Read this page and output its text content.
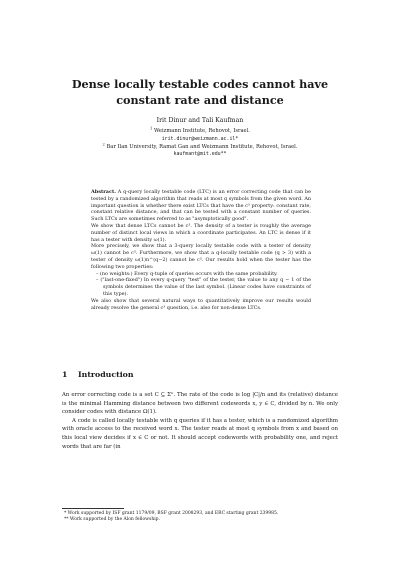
Dense locally testable codes cannot have constant rate and distance
Irit Dinur and Tali Kaufman
$^1$ Weizmann Institute, Rehovot, Israel.
irit.dinur@weizmann.ac.il*
$^2$ Bar Ilan University, Ramat Gan and Weizmann Institute, Rehovot, Israel.
kaufmant@mit.edu**

Abstract. A q-query locally testable code (LTC) is an error correcting code that can be tested by a randomized algorithm that reads at most q symbols from the given word. An important question is whether there exist LTCs that have the c³ property: constant rate, constant relative distance, and that can be tested with a constant number of queries. Such LTCs are sometimes referred to as "asymptotically good".

We show that dense LTCs cannot be c³. The density of a tester is roughly the average number of distinct local views in which a coordinate participates. An LTC is dense if it has a tester with density ω(1).

More precisely, we show that a 3-query locally testable code with a tester of density ω(1) cannot be c³. Furthermore, we show that a q-locally testable code (q > 3) with a tester of density ω(1)n^(q−2) cannot be c³. Our results hold when the tester has the following two properties:

– (no weights:) Every q-tuple of queries occurs with the same probability.
– ("last-one-fixed") In every q-query "test" of the tester, the value to any q − 1 of the symbols determines the value of the last symbol. (Linear codes have constraints of this type).

We also show that several natural ways to quantitatively improve our results would already resolve the general c³ question, i.e. also for non-dense LTCs.

1 Introduction

An error correcting code is a set C ⊆ Σⁿ. The rate of the code is log |C|/n and its (relative) distance is the minimal Hamming distance between two different codewords x, y ∈ C, divided by n. We only consider codes with distance Ω(1).

A code is called locally testable with q queries if it has a tester, which is a randomized algorithm with oracle access to the received word x. The tester reads at most q symbols from x and based on this local view decides if x ∈ C or not. It should accept codewords with probability one, and reject words that are far (in

* Work supported by ISF grant 1179/09, BSF grant 2008293, and ERC starting grant 239985.

** Work supported by the Alon fellowship.
